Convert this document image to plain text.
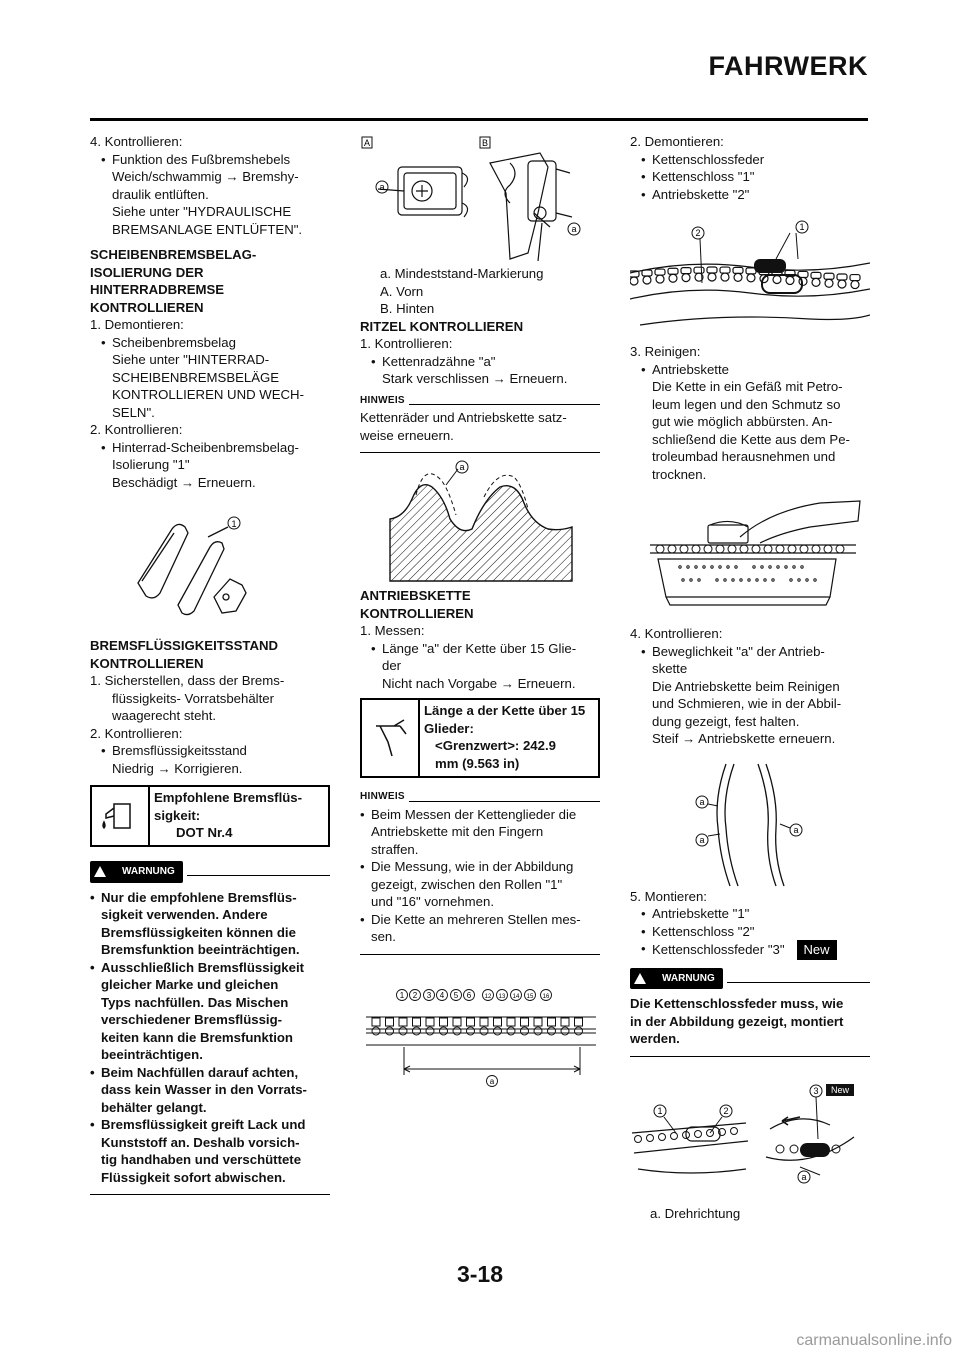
FAHRWERK

4. Kontrollieren:

• Funktion des Fußbremshebels

Weich/schwammig → Bremshy-

draulik entlüften.

Siehe unter "HYDRAULISCHE

BREMSANLAGE ENTLÜFTEN".

SCHEIBENBREMSBELAG-

ISOLIERUNG DER

HINTERRADBREMSE

KONTROLLIEREN

1. Demontieren:

• Scheibenbremsbelag

Siehe unter "HINTERRAD-

SCHEIBENBREMSBELÄGE

KONTROLLIEREN UND WECH-

SELN".

2. Kontrollieren:

• Hinterrad-Scheibenbremsbelag-

Isolierung "1"

Beschädigt → Erneuern.

1

BREMSFLÜSSIGKEITSSTAND

KONTROLLIEREN

1. Sicherstellen, dass der Brems-

flüssigkeits- Vorratsbehälter

waagerecht steht.

2. Kontrollieren:

• Bremsflüssigkeitsstand

Niedrig → Korrigieren.

Empfohlene Bremsflüs-

sigkeit:

DOT Nr.4

WARNUNG

• Nur die empfohlene Bremsflüs-

sigkeit verwenden. Andere

Bremsflüssigkeiten können die

Bremsfunktion beeinträchtigen.

• Ausschließlich Bremsflüssigkeit

gleicher Marke und gleichen

Typs nachfüllen. Das Mischen

verschiedener Bremsflüssig-

keiten kann die Bremsfunktion

beeinträchtigen.

• Beim Nachfüllen darauf achten,

dass kein Wasser in den Vorrats-

behälter gelangt.

• Bremsflüssigkeit greift Lack und

Kunststoff an. Deshalb vorsich-

tig handhaben und verschüttete

Flüssigkeit sofort abwischen.

A	B
a
a

a. Mindeststand-Markierung

A. Vorn

B. Hinten

RITZEL KONTROLLIEREN

1. Kontrollieren:

• Kettenradzähne "a"

Stark verschlissen → Erneuern.

HINWEIS

Kettenräder und Antriebskette satz-

weise erneuern.

a

ANTRIEBSKETTE

KONTROLLIEREN

1. Messen:

• Länge "a" der Kette über 15 Glie-

der

Nicht nach Vorgabe → Erneuern.

Länge a der Kette über 15

Glieder:

<Grenzwert>: 242.9

mm (9.563 in)

HINWEIS

• Beim Messen der Kettenglieder die

Antriebskette mit den Fingern

straffen.

• Die Messung, wie in der Abbildung

gezeigt, zwischen den Rollen "1"

und "16" vornehmen.

• Die Kette an mehreren Stellen mes-

sen.

1 2 3 4 5 6 12 13 14 15 16
a

2. Demontieren:

• Kettenschlossfeder

• Kettenschloss "1"

• Antriebskette "2"

2
1

3. Reinigen:

• Antriebskette

Die Kette in ein Gefäß mit Petro-

leum legen und den Schmutz so

gut wie möglich abbürsten. An-

schließend die Kette aus dem Pe-

troleumbad herausnehmen und

trocknen.

4. Kontrollieren:

• Beweglichkeit "a" der Antrieb-

skette

Die Antriebskette beim Reinigen

und Schmieren, wie in der Abbil-

dung gezeigt, fest halten.

Steif → Antriebskette erneuern.

a
a
a

5. Montieren:

• Antriebskette "1"

• Kettenschloss "2"

• Kettenschlossfeder "3" New

WARNUNG

Die Kettenschlossfeder muss, wie

in der Abbildung gezeigt, montiert

werden.

1	2
3 New
a

a. Drehrichtung

3-18
carmanualsonline.info
